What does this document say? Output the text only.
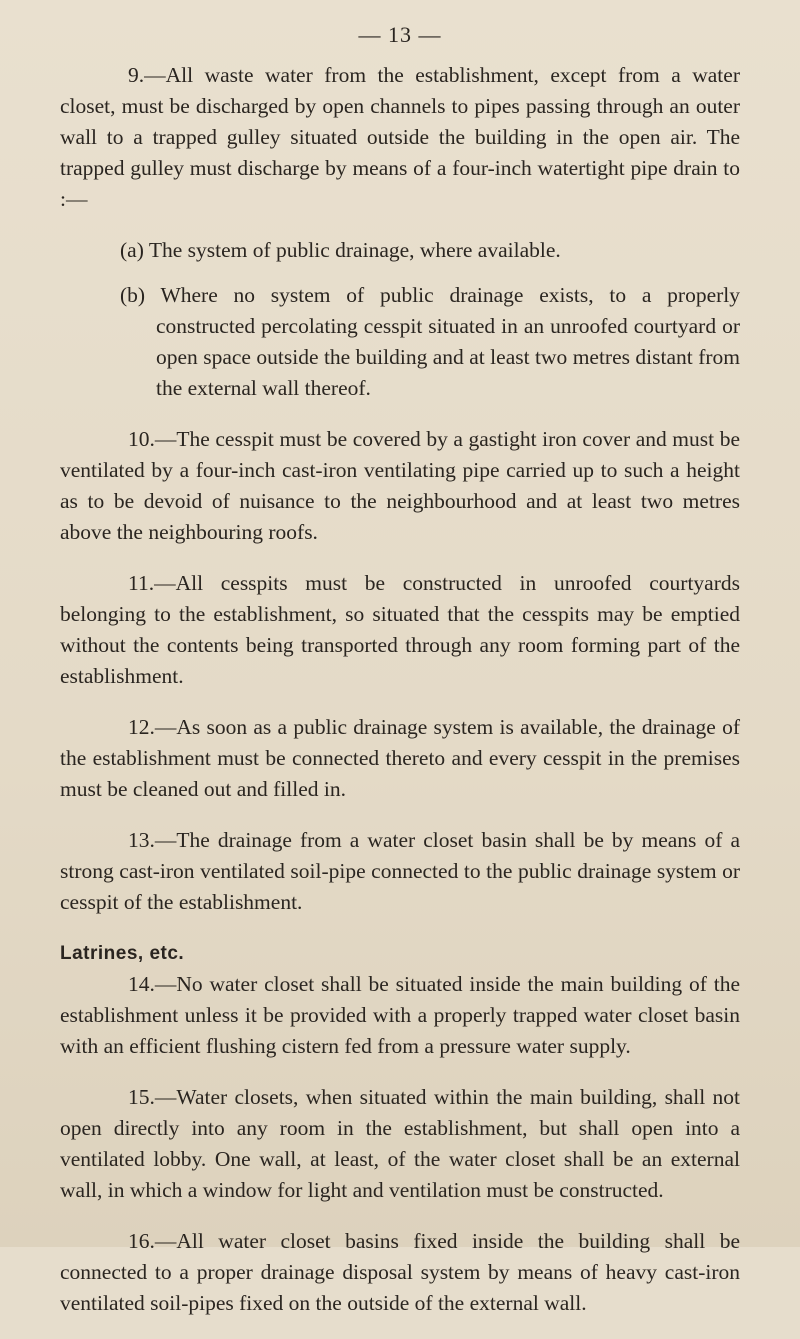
— 13 —

9.—All waste water from the establishment, except from a water closet, must be discharged by open channels to pipes passing through an outer wall to a trapped gulley situated outside the building in the open air. The trapped gulley must discharge by means of a four-inch watertight pipe drain to :—

(a) The system of public drainage, where available.
(b) Where no system of public drainage exists, to a properly constructed percolating cesspit situated in an unroofed courtyard or open space outside the building and at least two metres distant from the external wall thereof.

10.—The cesspit must be covered by a gastight iron cover and must be ventilated by a four-inch cast-iron ventilating pipe carried up to such a height as to be devoid of nuisance to the neighbourhood and at least two metres above the neighbouring roofs.

11.—All cesspits must be constructed in unroofed courtyards belonging to the establishment, so situated that the cesspits may be emptied without the contents being transported through any room forming part of the establishment.

12.—As soon as a public drainage system is available, the drainage of the establishment must be connected thereto and every cesspit in the premises must be cleaned out and filled in.

13.—The drainage from a water closet basin shall be by means of a strong cast-iron ventilated soil-pipe connected to the public drainage system or cesspit of the establishment.

Latrines, etc.

14.—No water closet shall be situated inside the main building of the establishment unless it be provided with a properly trapped water closet basin with an efficient flushing cistern fed from a pressure water supply.

15.—Water closets, when situated within the main building, shall not open directly into any room in the establishment, but shall open into a ventilated lobby. One wall, at least, of the water closet shall be an external wall, in which a window for light and ventilation must be constructed.

16.—All water closet basins fixed inside the building shall be connected to a proper drainage disposal system by means of heavy cast-iron ventilated soil-pipes fixed on the outside of the external wall.
